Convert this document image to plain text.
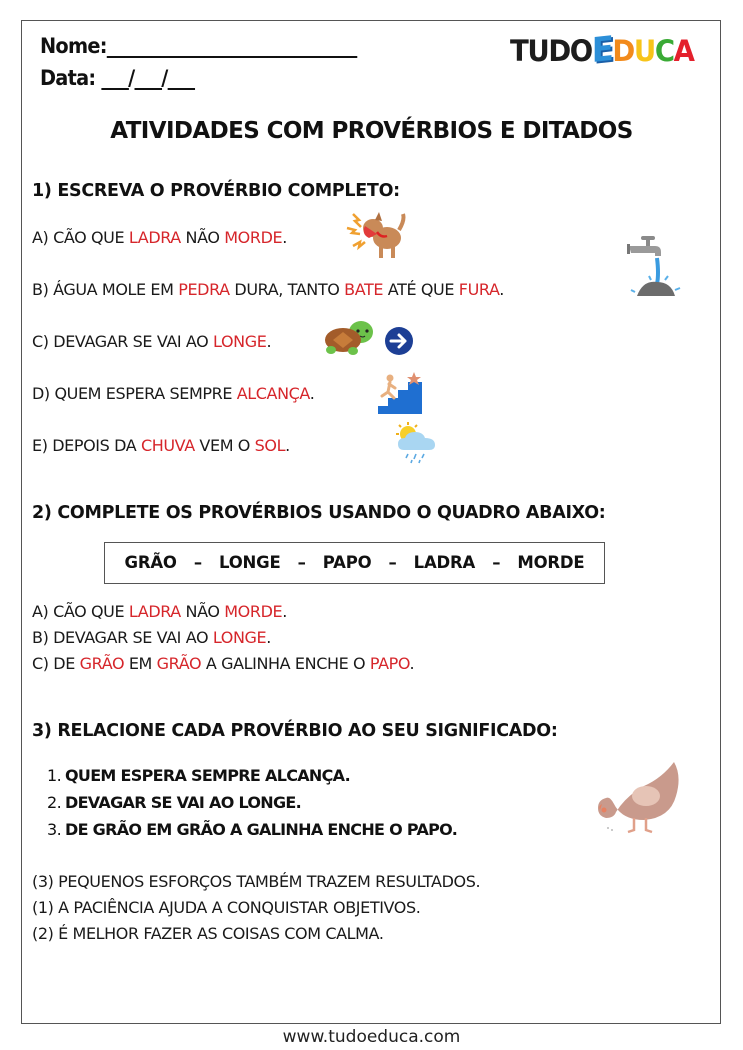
Nome:____________________________
Data: ___/___/___
TUDOEDUCA
ATIVIDADES COM PROVÉRBIOS E DITADOS
1) ESCREVA O PROVÉRBIO COMPLETO:
A) CÃO QUE LADRA NÃO MORDE.
B) ÁGUA MOLE EM PEDRA DURA, TANTO BATE ATÉ QUE FURA.
C) DEVAGAR SE VAI AO LONGE.
D) QUEM ESPERA SEMPRE ALCANÇA.
E) DEPOIS DA CHUVA VEM O SOL.
2) COMPLETE OS PROVÉRBIOS USANDO O QUADRO ABAIXO:
GRÃO  –  LONGE  –  PAPO  –  LADRA  –  MORDE
A) CÃO QUE LADRA NÃO MORDE.
B) DEVAGAR SE VAI AO LONGE.
C) DE GRÃO EM GRÃO A GALINHA ENCHE O PAPO.
3) RELACIONE CADA PROVÉRBIO AO SEU SIGNIFICADO:
1. QUEM ESPERA SEMPRE ALCANÇA.
2. DEVAGAR SE VAI AO LONGE.
3. DE GRÃO EM GRÃO A GALINHA ENCHE O PAPO.
(3) PEQUENOS ESFORÇOS TAMBÉM TRAZEM RESULTADOS.
(1) A PACIÊNCIA AJUDA A CONQUISTAR OBJETIVOS.
(2) É MELHOR FAZER AS COISAS COM CALMA.
www.tudoeduca.com
